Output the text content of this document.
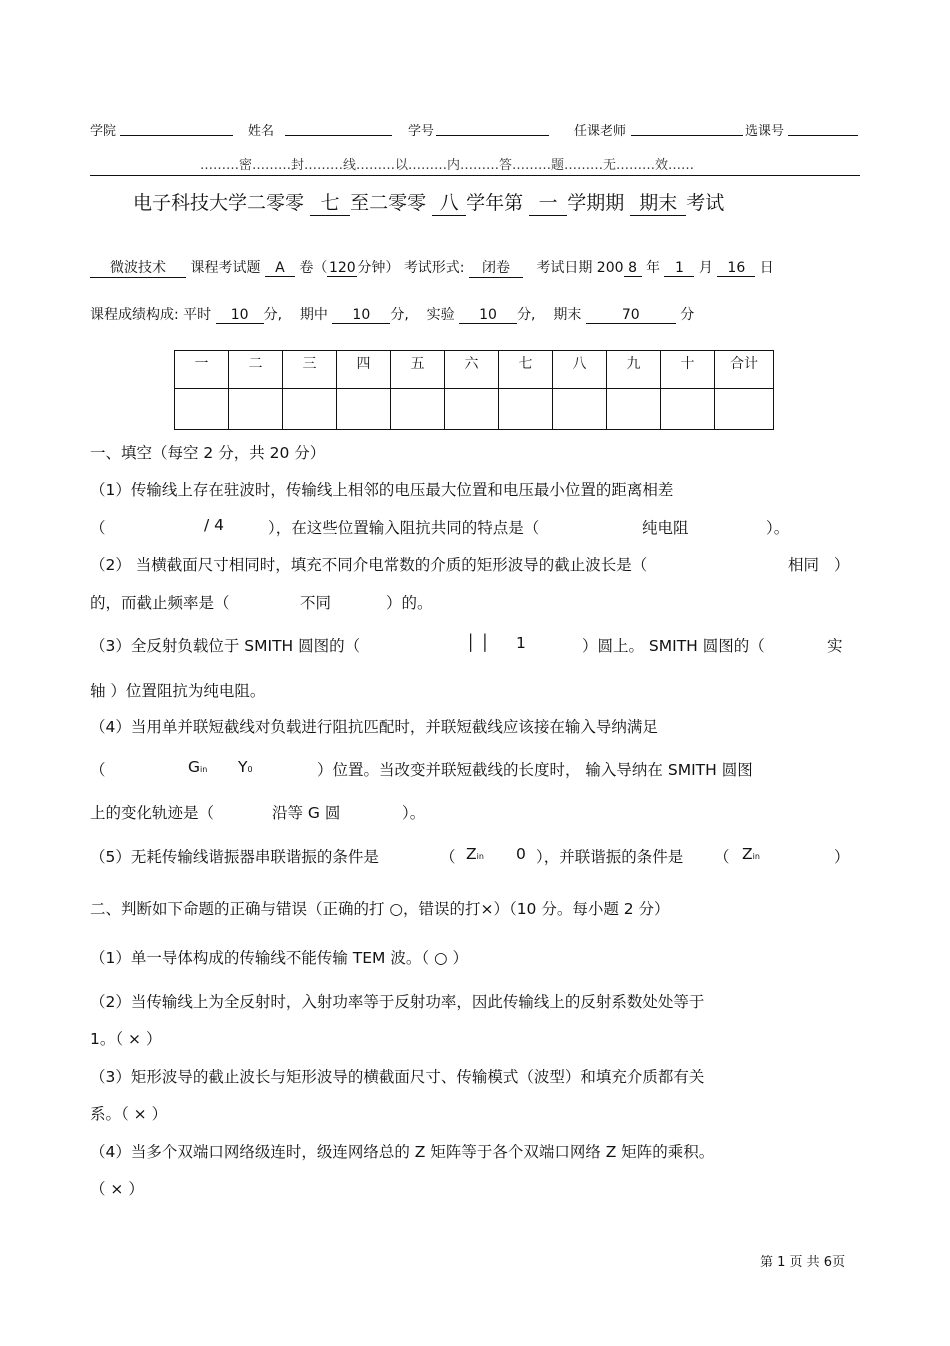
学院	姓名	学号	任课老师	选课号
………密………封………线………以………内………答………题………无………效……
电子科技大学二零零 七 至二零零 八 学年第 一 学期期 期末 考试
微波技术 课程考试题 A 卷（ 120 分钟） 考试形式: 闭卷 考试日期 200 8 年 1 月 16 日
课程成绩构成: 平时 10 分, 期中 10 分, 实验 10 分, 期末	70	分
一	二	三	四	五	六	七	八	九	十	合计

一、填空（每空 2 分，共 20 分）
（1）传输线上存在驻波时，传输线上相邻的电压最大位置和电压最小位置的距离相差
（	/ 4	），在这些位置输入阻抗共同的特点是（	纯电阻	）。
（2） 当横截面尺寸相同时，填充不同介电常数的介质的矩形波导的截止波长是（	相同 ）
的，而截止频率是（	不同	）的。
（3）全反射负载位于 SMITH 圆图的（	│ │ 1	）圆上。 SMITH 圆图的（	实
轴 ）位置阻抗为纯电阻。
（4）当用单并联短截线对负载进行阻抗匹配时，并联短截线应该接在输入导纳满足
（	Gin Y0	）位置。当改变并联短截线的长度时， 输入导纳在 SMITH 圆图
上的变化轨迹是（	沿等 G 圆	）。
（5）无耗传输线谐振器串联谐振的条件是	（ Zin 0 ），并联谐振的条件是 （ Zin	）
二、判断如下命题的正确与错误（正确的打 ○，错误的打×）（10 分。每小题 2 分）
（1）单一导体构成的传输线不能传输 TEM 波。（ ○ ）
（2）当传输线上为全反射时，入射功率等于反射功率，因此传输线上的反射系数处处等于
1。（ × ）
（3）矩形波导的截止波长与矩形波导的横截面尺寸、传输模式（波型）和填充介质都有关
系。（ × ）
（4）当多个双端口网络级连时，级连网络总的 Z 矩阵等于各个双端口网络 Z 矩阵的乘积。
（ × ）
第 1 页 共 6页
